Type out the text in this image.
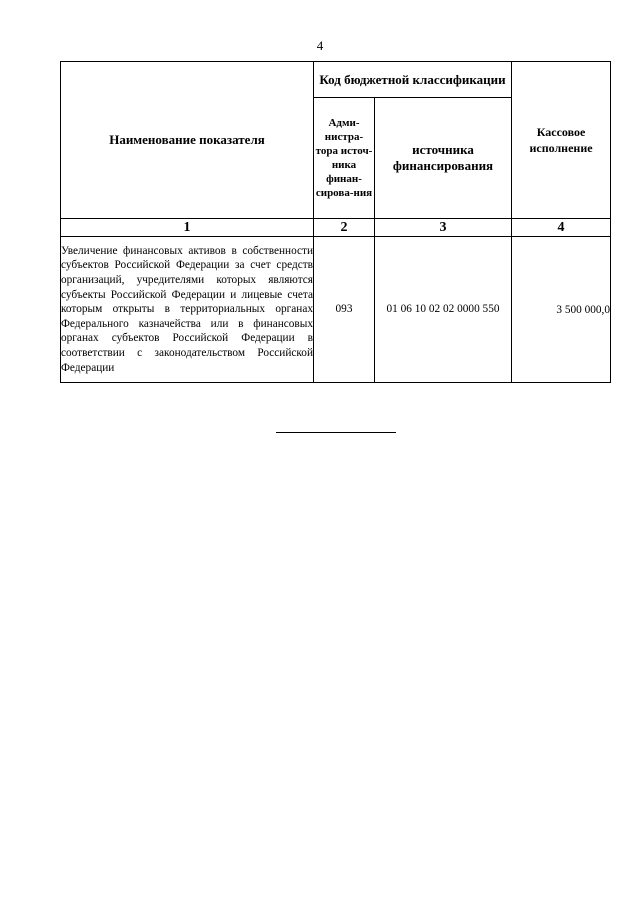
4
Наименование показателя	Код бюджетной классификации		Кассовое исполнение
	Адми-нистра-тора источ-ника финан-сирова-ния	источника финансирования	
1	2	3	4
Увеличение финансовых активов в собственности субъектов Российской Федерации за счет средств организаций, учредителями которых являются субъекты Российской Федерации и лицевые счета которым открыты в территориальных органах Федерального казначейства или в финансовых органах субъектов Российской Федерации в соответствии с законодательством Российской Федерации	093	01 06 10 02 02 0000 550	3 500 000,0
